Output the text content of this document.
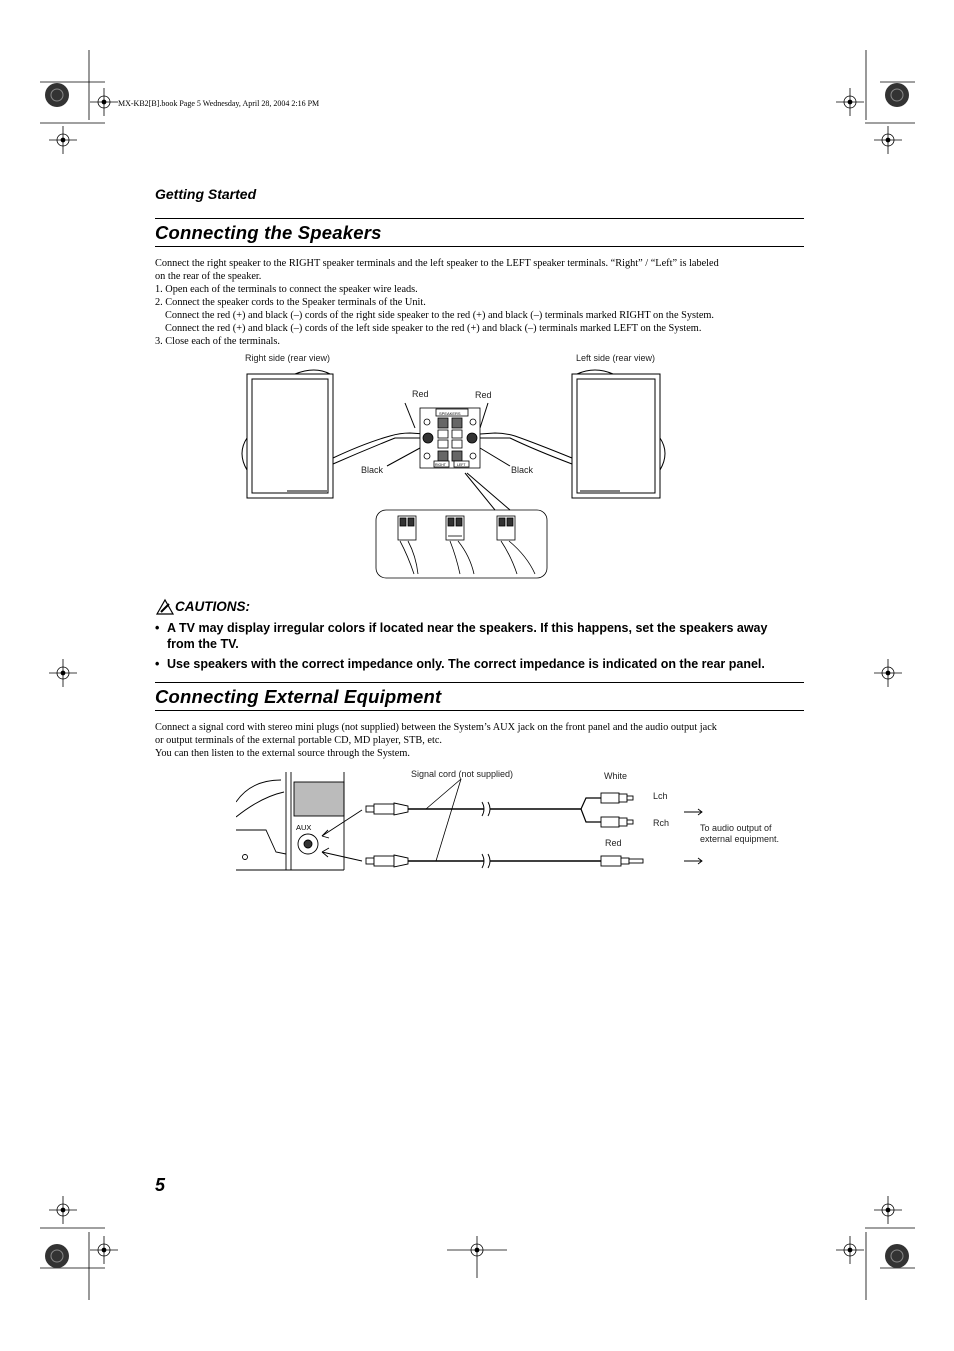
MX-KB2[B].book Page 5 Wednesday, April 28, 2004 2:16 PM
Getting Started
Connecting the Speakers
Connect the right speaker to the RIGHT speaker terminals and the left speaker to the LEFT speaker terminals. “Right” / “Left” is labeled
on the rear of the speaker.
1. Open each of the terminals to connect the speaker wire leads.
2. Connect the speaker cords to the Speaker terminals of the Unit.
Connect the red (+) and black (–) cords of the right side speaker to the red (+) and black (–) terminals marked RIGHT on the System.
Connect the red (+) and black (–) cords of the left side speaker to the red (+) and black (–) terminals marked LEFT on the System.
3. Close each of the terminals.
Right side (rear view)	Left side (rear view)
Red	Red
Black	Black
SPEAKERS
RIGHT	LEFT
CAUTIONS:
• A TV may display irregular colors if located near the speakers. If this happens, set the speakers away
from the TV.
• Use speakers with the correct impedance only. The correct impedance is indicated on the rear panel.
Connecting External Equipment
Connect a signal cord with stereo mini plugs (not supplied) between the System’s AUX jack on the front panel and the audio output jack
or output terminals of the external portable CD, MD player, STB, etc.
You can then listen to the external source through the System.
AUX
Signal cord (not supplied)	White
Lch
Rch
Red
To audio output of
external equipment.
5
